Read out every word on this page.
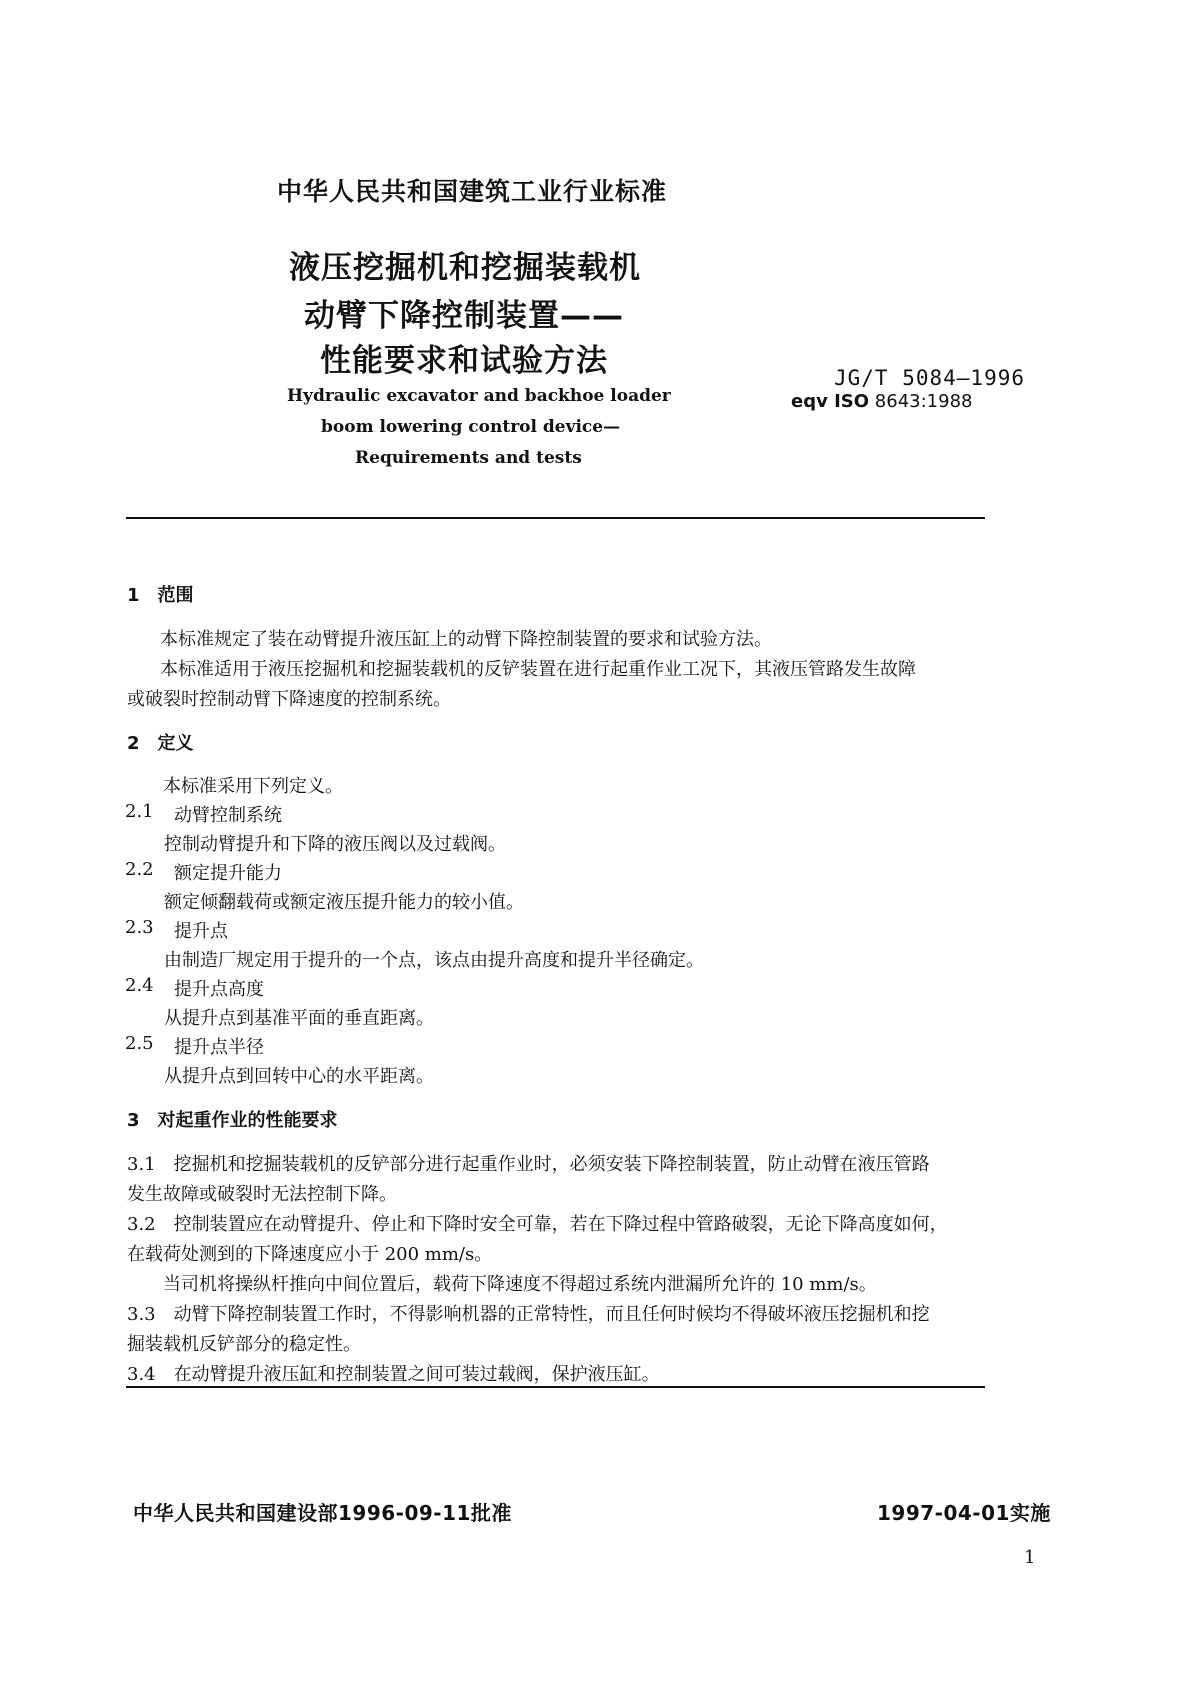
中华人民共和国建筑工业行业标准
液压挖掘机和挖掘装载机
动臂下降控制装置——
性能要求和试验方法	JG/T 5084—1996
eqv ISO 8643:1988
Hydraulic excavator and backhoe loader
boom lowering control device—
Requirements and tests
1　范围
本标准规定了装在动臂提升液压缸上的动臂下降控制装置的要求和试验方法。
本标准适用于液压挖掘机和挖掘装载机的反铲装置在进行起重作业工况下，其液压管路发生故障
或破裂时控制动臂下降速度的控制系统。
2　定义
本标准采用下列定义。
2.1 动臂控制系统
控制动臂提升和下降的液压阀以及过载阀。
2.2 额定提升能力
额定倾翻载荷或额定液压提升能力的较小值。
2.3 提升点
由制造厂规定用于提升的一个点，该点由提升高度和提升半径确定。
2.4 提升点高度
从提升点到基准平面的垂直距离。
2.5 提升点半径
从提升点到回转中心的水平距离。
3　对起重作业的性能要求
3.1　挖掘机和挖掘装载机的反铲部分进行起重作业时，必须安装下降控制装置，防止动臂在液压管路
发生故障或破裂时无法控制下降。
3.2　控制装置应在动臂提升、停止和下降时安全可靠，若在下降过程中管路破裂，无论下降高度如何，
在载荷处测到的下降速度应小于 200 mm/s。
当司机将操纵杆推向中间位置后，载荷下降速度不得超过系统内泄漏所允许的 10 mm/s。
3.3　动臂下降控制装置工作时，不得影响机器的正常特性，而且任何时候均不得破坏液压挖掘机和挖
掘装载机反铲部分的稳定性。
3.4　在动臂提升液压缸和控制装置之间可装过载阀，保护液压缸。
中华人民共和国建设部1996-09-11批准	1997-04-01实施
1
